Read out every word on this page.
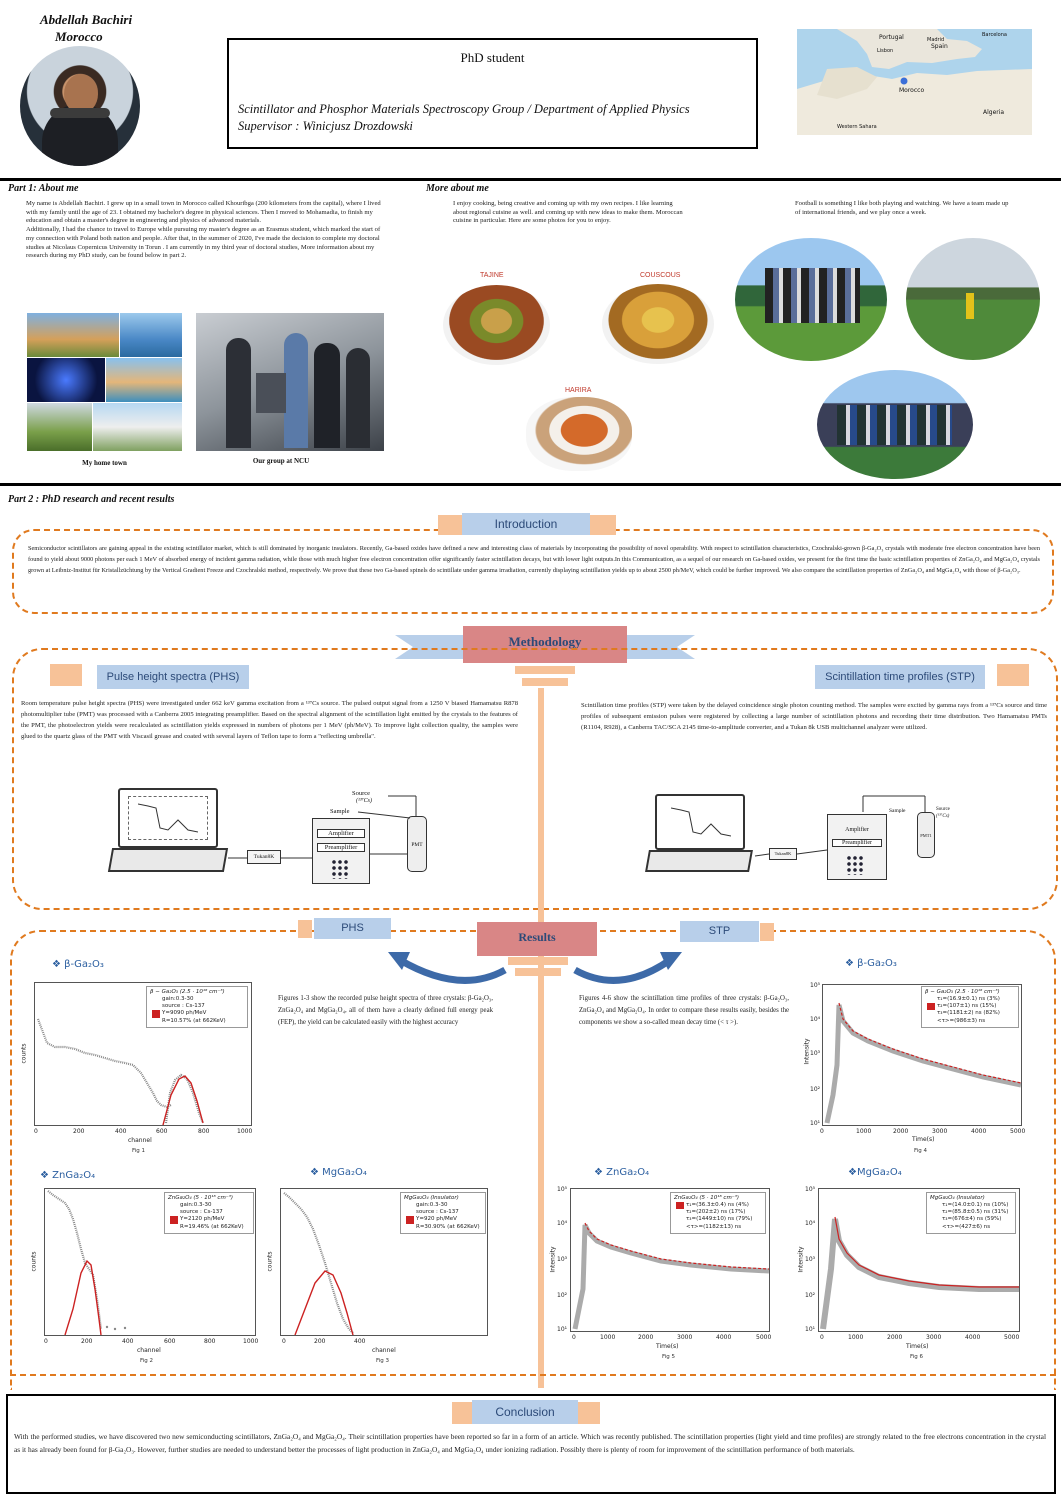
Abdellah Bachiri
Morocco
PhD student
Scintillator and Phosphor Materials Spectroscopy Group / Department of Applied Physics
Supervisor : Winicjusz Drozdowski
Portugal	Madrid
Spain
Barcelona
Lisbon
Morocco
Algeria
Western Sahara
Part 1: About me
My name is Abdellah Bachiri. I grew up in a small town in Morocco called Khouribga (200 kilometers from the capital), where I lived with my family until the age of 23. I obtained my bachelor's degree in physical sciences. Then I moved to Mohamadia, to finish my education and obtain a master's degree in engineering and physics of advanced materials.
Additionally, I had the chance to travel to Europe while pursuing my master's degree as an Erasmus student, which marked the start of my connection with Poland both nation and people. After that, in the summer of 2020, I've made the decision to complete my doctoral studies at Nicolaus Copernicus University in Torun . I am currently in my third year of doctoral studies, More information about my research during my PhD study, can be found below in part 2.
My home town	Our group at NCU
More about me
I enjoy cooking, being creative and coming up with my own recipes. I like learning about regional cuisine as well. and coming up with new ideas to make them. Moroccan cuisine in particular. Here are some photos for you to enjoy.
Football is something I like both playing and watching. We have a team made up of international friends, and we play once a week.
TAJINE	COUSCOUS
HARIRA
Part 2 : PhD research and recent results
Introduction
Semiconductor scintillators are gaining appeal in the existing scintillator market, which is still dominated by inorganic insulators. Recently, Ga-based oxides have defined a new and interesting class of materials by incorporating the possibility of novel operability. With respect to scintillation characteristics, Czochralski-grown β-Ga₂O₃ crystals with moderate free electron concentration have been found to yield about 9000 photons per each 1 MeV of absorbed energy of incident gamma radiation, while those with much higher free electron concentration offer significantly faster scintillation decays, but with lower light outputs.In this Communication, as a sequel of our research on Ga-based oxides, we present for the first time the basic scintillation properties of ZnGa₂O₄ and MgGa₂O₄ crystals grown at Leibniz-Institut für Kristallzüchtung by the Vertical Gradient Freeze and Czochralski method, respectively. We prove that these two Ga-based spinels do scintillate under gamma irradiation, currently displaying scintillation yields up to about 2500 ph/MeV, which could be further improved. We also compare the scintillation properties of ZnGa₂O₄ and MgGa₂O₄ with those of β-Ga₂O₃.
Methodology
Pulse height spectra (PHS)	Scintillation time profiles (STP)
Room temperature pulse height spectra (PHS) were investigated under 662 keV gamma excitation from a ¹³⁷Cs source. The pulsed output signal from a 1250 V biased Hamamatsu R878 photomultiplier tube (PMT) was processed with a Canberra 2005 integrating preamplifier. Based on the spectral alignment of the scintillation light emitted by the crystals to the features of the PMT, the photoelectron yields were recalculated as scintillation yields expressed in numbers of photons per 1 MeV (ph/MeV). To improve light collection quality, the samples were glued to the quartz glass of the PMT with Viscasil grease and coated with several layers of Teflon tape to form a "reflecting umbrella".
Scintillation time profiles (STP) were taken by the delayed coincidence single photon counting method. The samples were excited by gamma rays from a ¹³⁷Cs source and time profiles of subsequent emission pulses were registered by collecting a large number of scintillation photons and recording their time distribution. Two Hamamatsu PMTs (R1104, R928), a Canberra TAC/SCA 2145 time-to-amplitude converter, and a Tukan 8k USB multichannel analyzer were utilized.
Tukan8K
Amplifier
Preamplifier	PMT
Source
(¹³⁷Cs)
Sample
Tukan8K
Amplifier
Preamplifier
PMT1
Sample	Source
(¹³⁷Cs)
PHS	STP
Results
Figures 1-3 show the recorded pulse height spectra of three crystals: β-Ga₂O₃, ZnGa₂O₄ and MgGa₂O₄, all of them have a clearly defined full energy peak (FEP), the yield can be calculated easily with the highest accuracy
Figures 4-6 show the scintillation time profiles of three crystals: β-Ga₂O₃, ZnGa₂O₄ and MgGa₂O₄. In order to compare these results easily, besides the components we show a so-called mean decay time (< τ >).
❖ β-Ga₂O₃
β − Ga₂O₃ (2.5 · 10¹⁸ cm⁻³)
gain:0.3-30
source : Cs-137
Y=9090 ph/MeV
R=10.57% (at 662KeV)
0	200	400	600	800	1000
channel
counts
Fig 1
❖ ZnGa₂O₄
ZnGa₂O₄ (5 · 10¹⁸ cm⁻³)
gain:0.3-30
source : Cs-137
Y=2120 ph/MeV
R=19.46% (at 662KeV)
0	200	400	600	800	1000
channel
counts
Fig 2
❖ MgGa₂O₄
MgGa₂O₄ (Insulator)
gain:0.3-30
source : Cs-137
Y=920 ph/MeV
R=30.90% (at 662KeV)
0	200	400
channel
counts
Fig 3
❖ β-Ga₂O₃
β − Ga₂O₃ (2.5 · 10¹⁸ cm⁻³)
τ₁=(16.9±0.1) ns (3%)
τ₂=(107±1) ns (15%)
τ₃=(1181±2) ns (82%)
<τ>=(986±3) ns
10⁵
10⁴
10³
10²
10¹
0	1000	2000	3000	4000	5000
Time(s)
Intensity
Fig 4
❖ ZnGa₂O₄
ZnGa₂O₄ (5 · 10¹⁸ cm⁻³)
τ₁=(36.3±0.4) ns (4%)
τ₂=(202±2) ns (17%)
τ₃=(1449±10) ns (79%)
<τ>=(1182±13) ns
10⁵
10⁴
10³
10²
10¹
0	1000	2000	3000	4000	5000
Time(s)
Intensity
Fig 5
❖MgGa₂O₄
MgGa₂O₄ (Insulator)
τ₁=(14.0±0.1) ns (10%)
τ₂=(85.8±0.5) ns (31%)
τ₃=(676±4) ns (59%)
<τ>=(427±6) ns
10⁵
10⁴
10³
10²
10¹
0	1000	2000	3000	4000	5000
Time(s)
Intensity
Fig 6
Conclusion
With the performed studies, we have discovered two new semiconducting scintillators, ZnGa₂O₄ and MgGa₂O₄. Their scintillation properties have been reported so far in a form of an article. Which was recently published. The scintillation properties (light yield and time profiles) are strongly related to the free electrons concentration in the crystal as it has already been found for β-Ga₂O₃. However, further studies are needed to understand better the processes of light production in ZnGa₂O₄ and MgGa₂O₄ under ionizing radiation. Possibly there is plenty of room for improvement of the scintillation performance of both materials.
